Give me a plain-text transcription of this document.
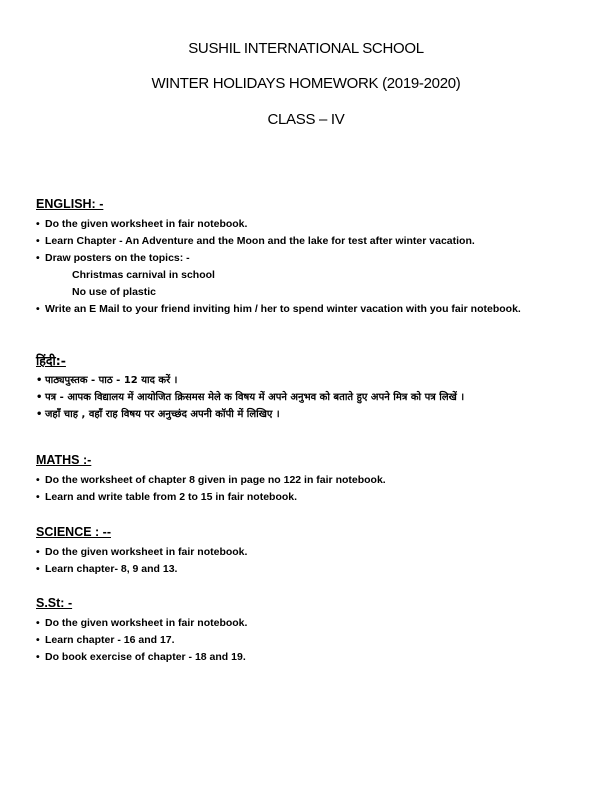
SUSHIL INTERNATIONAL SCHOOL
WINTER HOLIDAYS HOMEWORK (2019-2020)
CLASS – IV
ENGLISH: -
• Do the given worksheet in fair notebook.
• Learn Chapter - An Adventure and the Moon and the lake for test after winter vacation.
• Draw posters on the topics: -
Christmas carnival in school
No use of plastic
• Write an E Mail to your friend inviting him / her to spend winter vacation with you fair notebook.
हिंदी:-
• पाठ्यपुस्तक - पाठ - 12 याद करें ।
• पत्र - आपक विद्यालय में आयोजित क्रिसमस मेले क विषय में अपने अनुभव को बताते हुए अपने मित्र को पत्र लिखें ।
• जहाँ चाह , वहाँ राह विषय पर अनुच्छंद अपनी कॉपी में लिखिए ।
MATHS :-
• Do the worksheet of chapter 8 given in page no 122 in fair notebook.
• Learn and write table from 2 to 15 in fair notebook.
SCIENCE : --
• Do the given worksheet in fair notebook.
• Learn chapter- 8, 9 and 13.
S.St: -
• Do the given worksheet in fair notebook.
• Learn chapter - 16 and 17.
• Do book exercise of chapter - 18 and 19.
